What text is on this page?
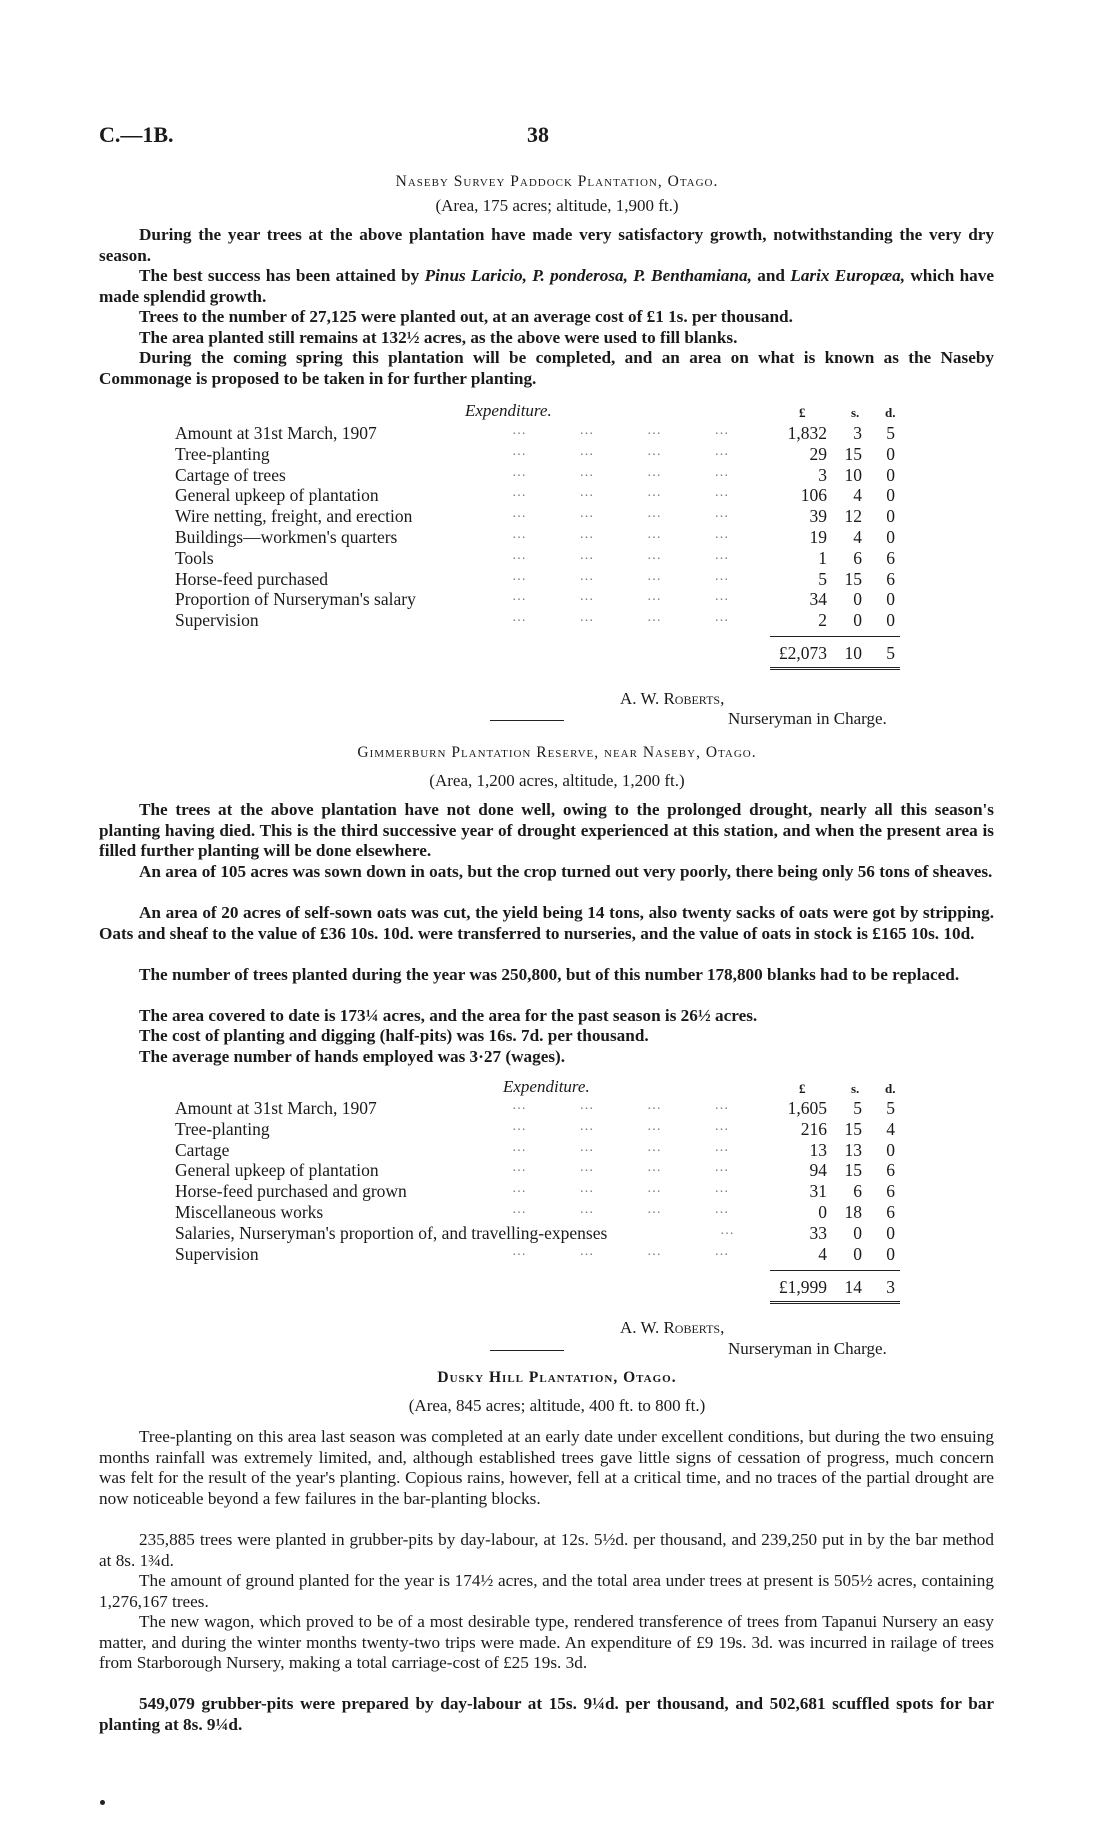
C.—1B.	38
Naseby Survey Paddock Plantation, Otago.
(Area, 175 acres; altitude, 1,900 ft.)
During the year trees at the above plantation have made very satisfactory growth, notwithstanding the very dry season.
The best success has been attained by Pinus Laricio, P. ponderosa, P. Benthamiana, and Larix Europæa, which have made splendid growth.
Trees to the number of 27,125 were planted out, at an average cost of £1 1s. per thousand.
The area planted still remains at 132½ acres, as the above were used to fill blanks.
During the coming spring this plantation will be completed, and an area on what is known as the Naseby Commonage is proposed to be taken in for further planting.
Expenditure.	£	s. d.
Amount at 31st March, 1907	1,832	3	5
… … … …
Tree-planting	29	15	0
… … … …
Cartage of trees	3	10	0
… … … …
General upkeep of plantation	106	4	0
… … … …
Wire netting, freight, and erection	39	12	0
… … … …
Buildings—workmen's quarters	19	4	0
… … … …
Tools	1	6	6
… … … …
Horse-feed purchased	5	15	6
… … … …
Proportion of Nurseryman's salary	34	0	0
… … … …
Supervision	2	0	0
… … … …
£2,073	10	5
A. W. Roberts,
Nurseryman in Charge.
Gimmerburn Plantation Reserve, near Naseby, Otago.
(Area, 1,200 acres, altitude, 1,200 ft.)
The trees at the above plantation have not done well, owing to the prolonged drought, nearly all this season's planting having died. This is the third successive year of drought experienced at this station, and when the present area is filled further planting will be done elsewhere.
An area of 105 acres was sown down in oats, but the crop turned out very poorly, there being only 56 tons of sheaves.
An area of 20 acres of self-sown oats was cut, the yield being 14 tons, also twenty sacks of oats were got by stripping. Oats and sheaf to the value of £36 10s. 10d. were transferred to nurseries, and the value of oats in stock is £165 10s. 10d.
The number of trees planted during the year was 250,800, but of this number 178,800 blanks had to be replaced.
The area covered to date is 173¼ acres, and the area for the past season is 26½ acres.
The cost of planting and digging (half-pits) was 16s. 7d. per thousand.
The average number of hands employed was 3·27 (wages).
Expenditure.	£	s. d.
Amount at 31st March, 1907	1,605	5	5
… … … …
Tree-planting	216	15	4
… … … …
Cartage	13	13	0
… … … …
General upkeep of plantation	94	15	6
… … … …
Horse-feed purchased and grown	31	6	6
… … … …
Miscellaneous works	0	18	6
… … … …
Salaries, Nurseryman's proportion of, and travelling-expenses	33	0	0
…
Supervision	4	0	0
… … … …
£1,999	14	3
A. W. Roberts,
Nurseryman in Charge.
Dusky Hill Plantation, Otago.
(Area, 845 acres; altitude, 400 ft. to 800 ft.)
Tree-planting on this area last season was completed at an early date under excellent conditions, but during the two ensuing months rainfall was extremely limited, and, although established trees gave little signs of cessation of progress, much concern was felt for the result of the year's planting. Copious rains, however, fell at a critical time, and no traces of the partial drought are now noticeable beyond a few failures in the bar-planting blocks.
235,885 trees were planted in grubber-pits by day-labour, at 12s. 5½d. per thousand, and 239,250 put in by the bar method at 8s. 1¾d.
The amount of ground planted for the year is 174½ acres, and the total area under trees at present is 505½ acres, containing 1,276,167 trees.
The new wagon, which proved to be of a most desirable type, rendered transference of trees from Tapanui Nursery an easy matter, and during the winter months twenty-two trips were made. An expenditure of £9 19s. 3d. was incurred in railage of trees from Starborough Nursery, making a total carriage-cost of £25 19s. 3d.
549,079 grubber-pits were prepared by day-labour at 15s. 9¼d. per thousand, and 502,681 scuffled spots for bar planting at 8s. 9¼d.
